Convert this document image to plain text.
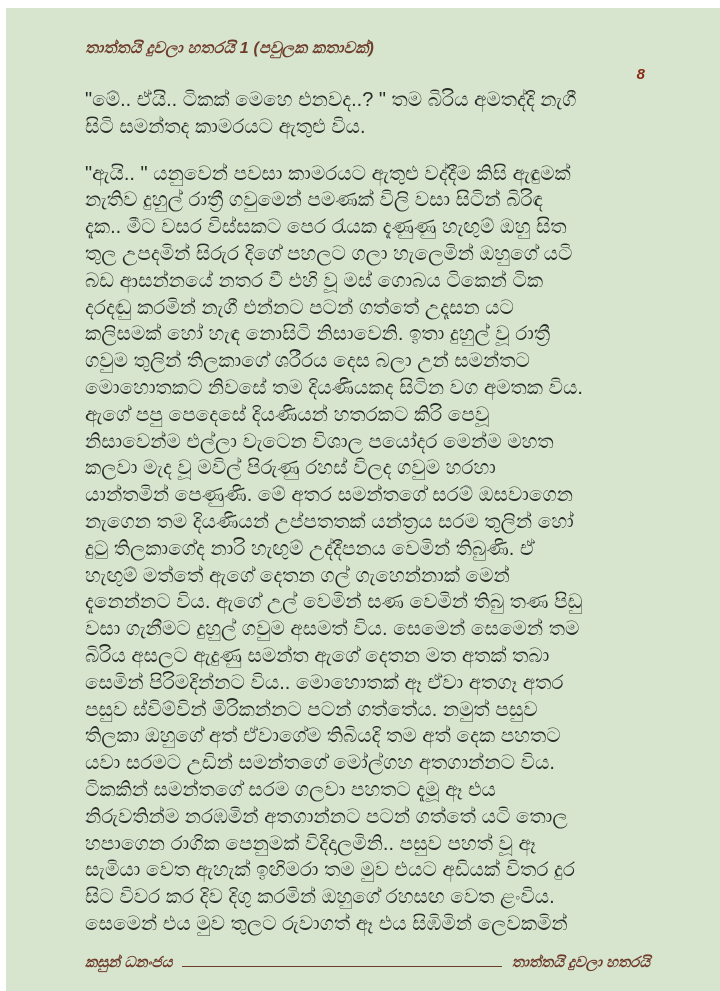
තාත්තයි දුවලා හතරයි 1 (පවුලක කතාවක්)
8
"මේ.. ඒයි.. ටිකක් මෙහෙ එනවද..? " තම බිරිය අමතද්දි නැගී
සිටි සමන්තද කාමරයට ඇතුළු විය.
"ඇයි.. " යනුවෙන් පවසා කාමරයට ඇතුළු වද්දීම කිසි ඇඳුමක්
නැතිව දුහුල් රාත්‍රී ගවුමෙන් පමණක් විලි වසා සිටින් බිරිඳ
දැක.. මීට වසර විස්සකට පෙර රැයක දැණුණු හැඟුම් ඔහු සිත
තුල උපදමින් සිරුර දිගේ පහලට ගලා හැලෙමින් ඔහුගේ යටි
බඩ ආසන්නයේ නතර වී එහි වූ මස් ගොබය ටිකෙන් ටික
දරදඬු කරමින් නැගී එන්නට පටන් ගත්තේ උදෑසන යට
කලිසමක් හෝ හැඳ නොසිටි නිසාවෙනි. ඉතා දුහුල් වූ රාත්‍රී
ගවුම තුලින් තිලකාගේ ශරීරය දෙස බලා උන් සමන්තට
මොහොතකට නිවසේ තම දියණියකද සිටින වග අමතක විය.
ඇගේ පපු පෙදෙසේ දියණියන් හතරකට කිරි පෙවූ
නිසාවෙන්ම එල්ලා වැටෙන විශාල පයෝදර මෙන්ම මහත
කලවා මැද වූ මවිල් පිරුණු රහස් විලද ගවුම හරහා
යාන්තමින් පෙණුණි. මේ අතර සමන්තගේ සරම් ඔසවාගෙන
නැගෙන තම දියණියන් උප්පතතක් යන්ත්‍රය සරම තුලින් හෝ
දුටු තිලකාගේද නාරි හැඟුම් උද්දීපනය වෙමින් තිබුණි. ඒ
හැඟුම් මත්තේ ඇගේ දෙතන ගල් ගැහෙන්නාක් මෙන්
දැනෙන්නට විය. ඇගේ උල් වෙමින් සණ වෙමින් තිබු තණ පිඩු
වසා ගැනීමට දුහුල් ගවුම අසමත් විය. සෙමෙන් සෙමෙන් තම
බිරිය අසලට ඇදුණු සමන්ත ඇගේ දෙතන මත අතක් තබා
සෙමින් පිරිමදින්නට විය.. මොහොතක් ඈ ඒවා අතගෑ අතර
පසුව ස්විම්වින් මිරිකන්නට පටන් ගත්තේය. නමුත් පසුව
තිලකා ඔහුගේ අත් ඒවාගේම තිබියදි තම අත් දෙක පහතට
යවා සරමට උඩින් සමන්තගේ මෝල්ගහ අතගාන්නට විය.
ටිකකින් සමන්තගේ සරම ගලවා පහතට දැමූ ඈ එය
නිරුවතින්ම නරඹමින් අතගාන්නට පටන් ගත්තේ යටි තොල
හපාගෙන රාගික පෙනුමක් විදිදාලමිනි.. පසුව පහත් වූ ඈ
සැමියා වෙත ඇහැක් ඉඟිමරා තම මුව එයට අඩියක් විතර දුර
සිට විවර කර දිව දිගු කරමින් ඔහුගේ රහසඟ වෙත ළංවිය.
සෙමෙන් එය මුව තුලට රුවාගත් ඈ එය සිඹිමින් ලෙවකමින්
කසුන් ධනංජය	තාත්තයි දුවලා හතරයි
